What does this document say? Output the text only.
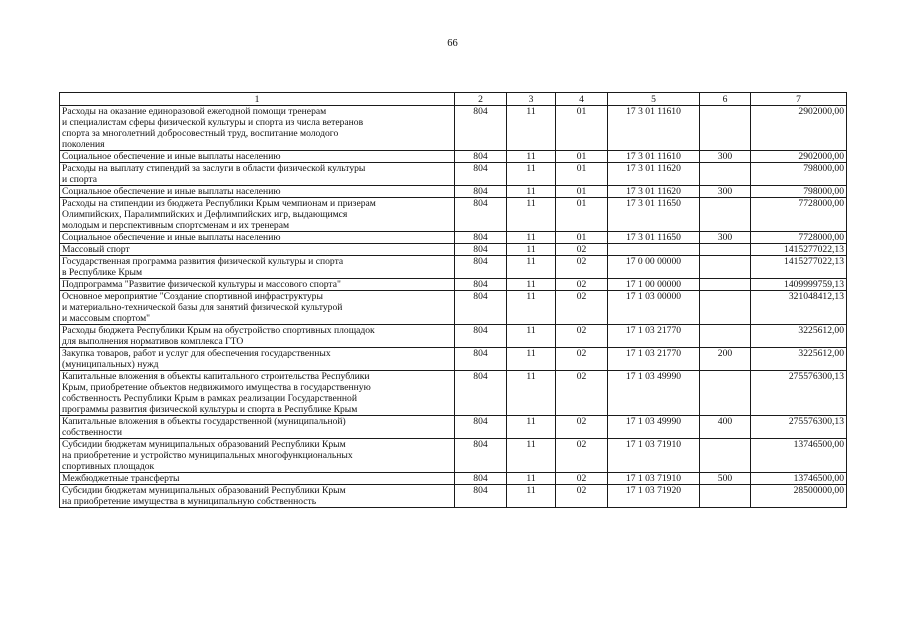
66
1	2	3	4	5	6	7

Расходы на оказание единоразовой ежегодной помощи тренерам
и специалистам сферы физической культуры и спорта из числа ветеранов
спорта за многолетний добросовестный труд, воспитание молодого
поколения	804	11	01	17 3 01 11610		2902000,00

Социальное обеспечение и иные выплаты населению	804	11	01	17 3 01 11610	300	2902000,00

Расходы на выплату стипендий за заслуги в области физической культуры
и спорта	804	11	01	17 3 01 11620		798000,00

Социальное обеспечение и иные выплаты населению	804	11	01	17 3 01 11620	300	798000,00

Расходы на стипендии из бюджета Республики Крым чемпионам и призерам
Олимпийских, Паралимпийских и Дефлимпийских игр, выдающимся
молодым и перспективным спортсменам и их тренерам	804	11	01	17 3 01 11650		7728000,00

Социальное обеспечение и иные выплаты населению	804	11	01	17 3 01 11650	300	7728000,00

Массовый спорт	804	11	02			1415277022,13

Государственная программа развития физической культуры и спорта
в Республике Крым	804	11	02	17 0 00 00000		1415277022,13

Подпрограмма "Развитие физической культуры и массового спорта"	804	11	02	17 1 00 00000		1409999759,13

Основное мероприятие "Создание спортивной инфраструктуры
и материально-технической базы для занятий физической культурой
и массовым спортом"	804	11	02	17 1 03 00000		321048412,13

Расходы бюджета Республики Крым на обустройство спортивных площадок
для выполнения нормативов комплекса ГТО	804	11	02	17 1 03 21770		3225612,00

Закупка товаров, работ и услуг для обеспечения государственных
(муниципальных) нужд	804	11	02	17 1 03 21770	200	3225612,00

Капитальные вложения в объекты капитального строительства Республики
Крым, приобретение объектов недвижимого имущества в государственную
собственность Республики Крым в рамках реализации Государственной
программы развития физической культуры и спорта в Республике Крым	804	11	02	17 1 03 49990		275576300,13

Капитальные вложения в объекты государственной (муниципальной)
собственности	804	11	02	17 1 03 49990	400	275576300,13

Субсидии бюджетам муниципальных образований Республики Крым
на приобретение и устройство муниципальных многофункциональных
спортивных площадок	804	11	02	17 1 03 71910		13746500,00

Межбюджетные трансферты	804	11	02	17 1 03 71910	500	13746500,00

Субсидии бюджетам муниципальных образований Республики Крым
на приобретение имущества в муниципальную собственность	804	11	02	17 1 03 71920		28500000,00
